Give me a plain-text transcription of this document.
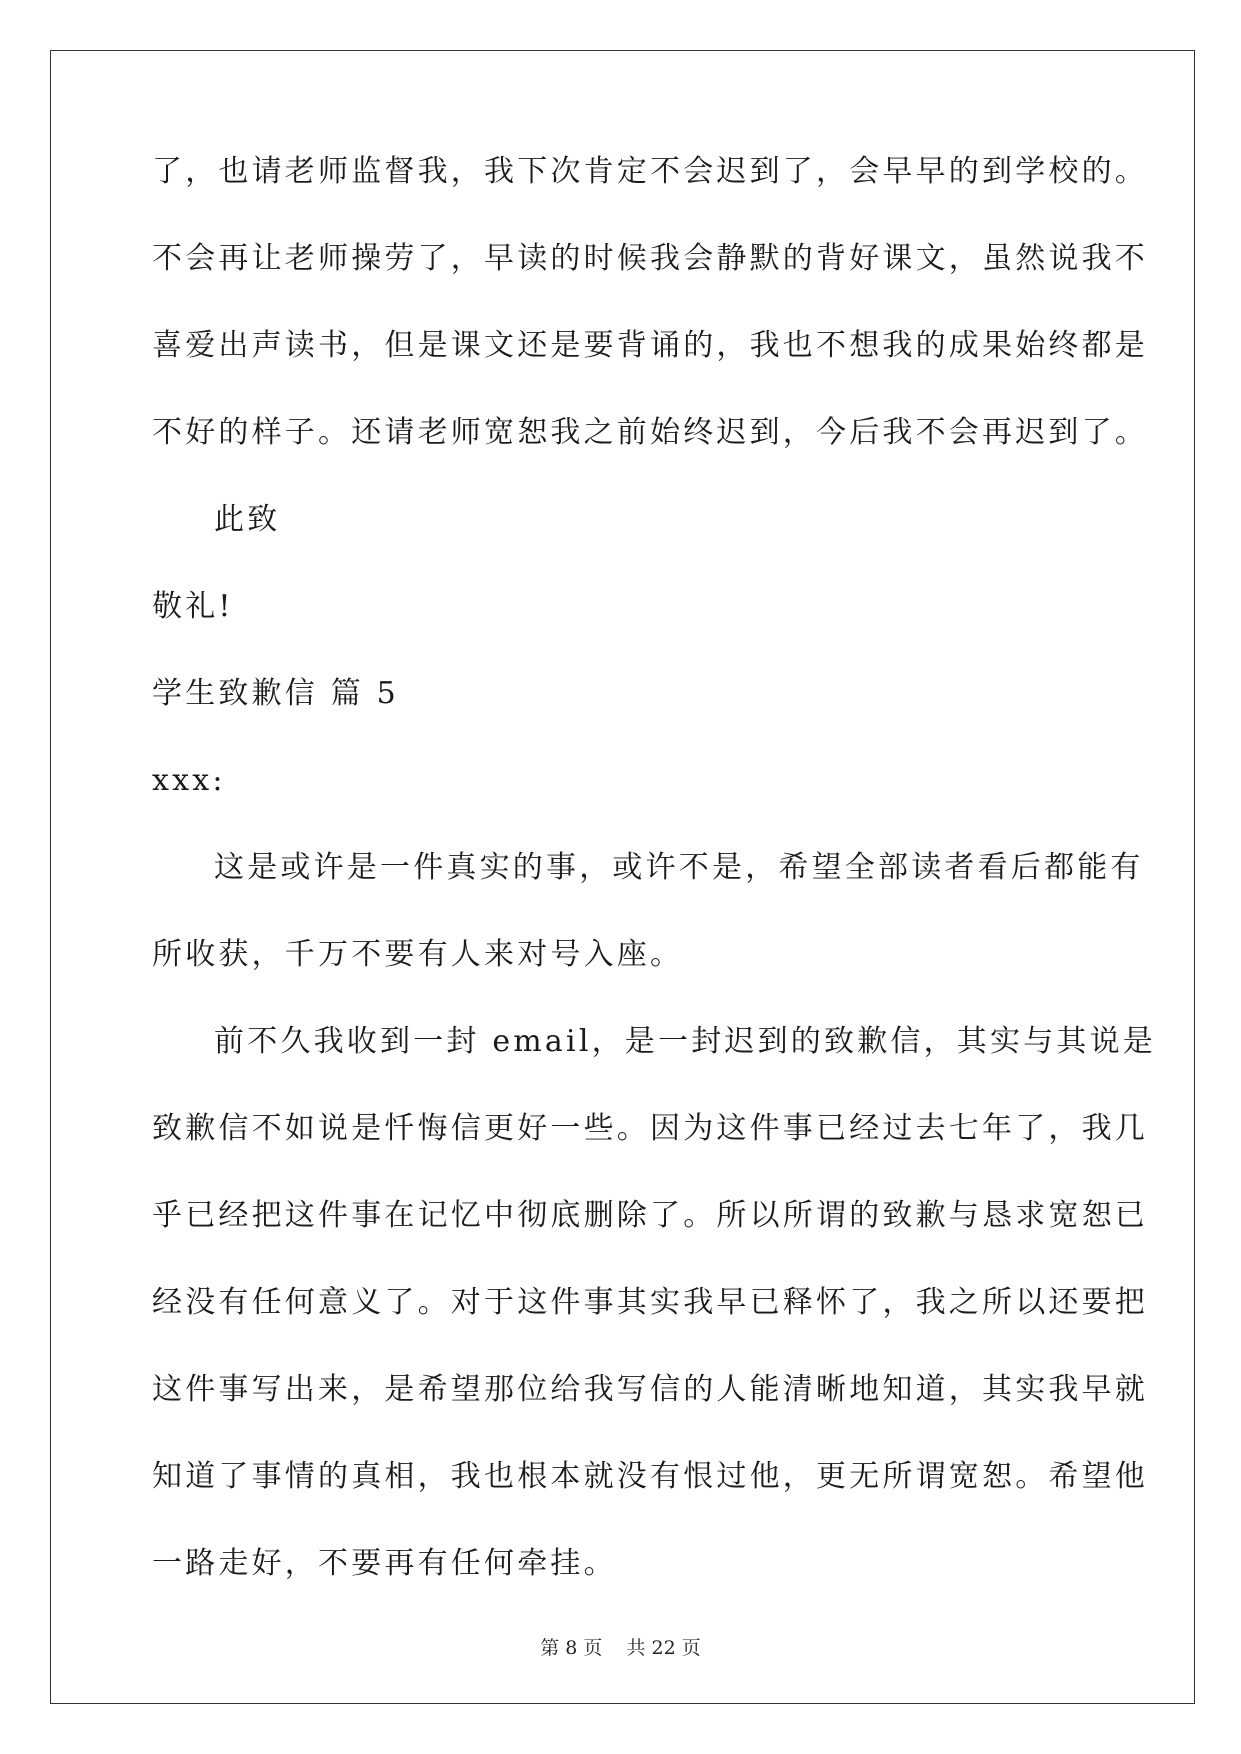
了，也请老师监督我，我下次肯定不会迟到了，会早早的到学校的。
不会再让老师操劳了，早读的时候我会静默的背好课文，虽然说我不
喜爱出声读书，但是课文还是要背诵的，我也不想我的成果始终都是
不好的样子。还请老师宽恕我之前始终迟到，今后我不会再迟到了。
此致
敬礼!
学生致歉信 篇 5
xxx:
这是或许是一件真实的事，或许不是，希望全部读者看后都能有
所收获，千万不要有人来对号入座。
前不久我收到一封 email，是一封迟到的致歉信，其实与其说是
致歉信不如说是忏悔信更好一些。因为这件事已经过去七年了，我几
乎已经把这件事在记忆中彻底删除了。所以所谓的致歉与恳求宽恕已
经没有任何意义了。对于这件事其实我早已释怀了，我之所以还要把
这件事写出来，是希望那位给我写信的人能清晰地知道，其实我早就
知道了事情的真相，我也根本就没有恨过他，更无所谓宽恕。希望他
第 8 页 共 22 页
一路走好，不要再有任何牵挂。
